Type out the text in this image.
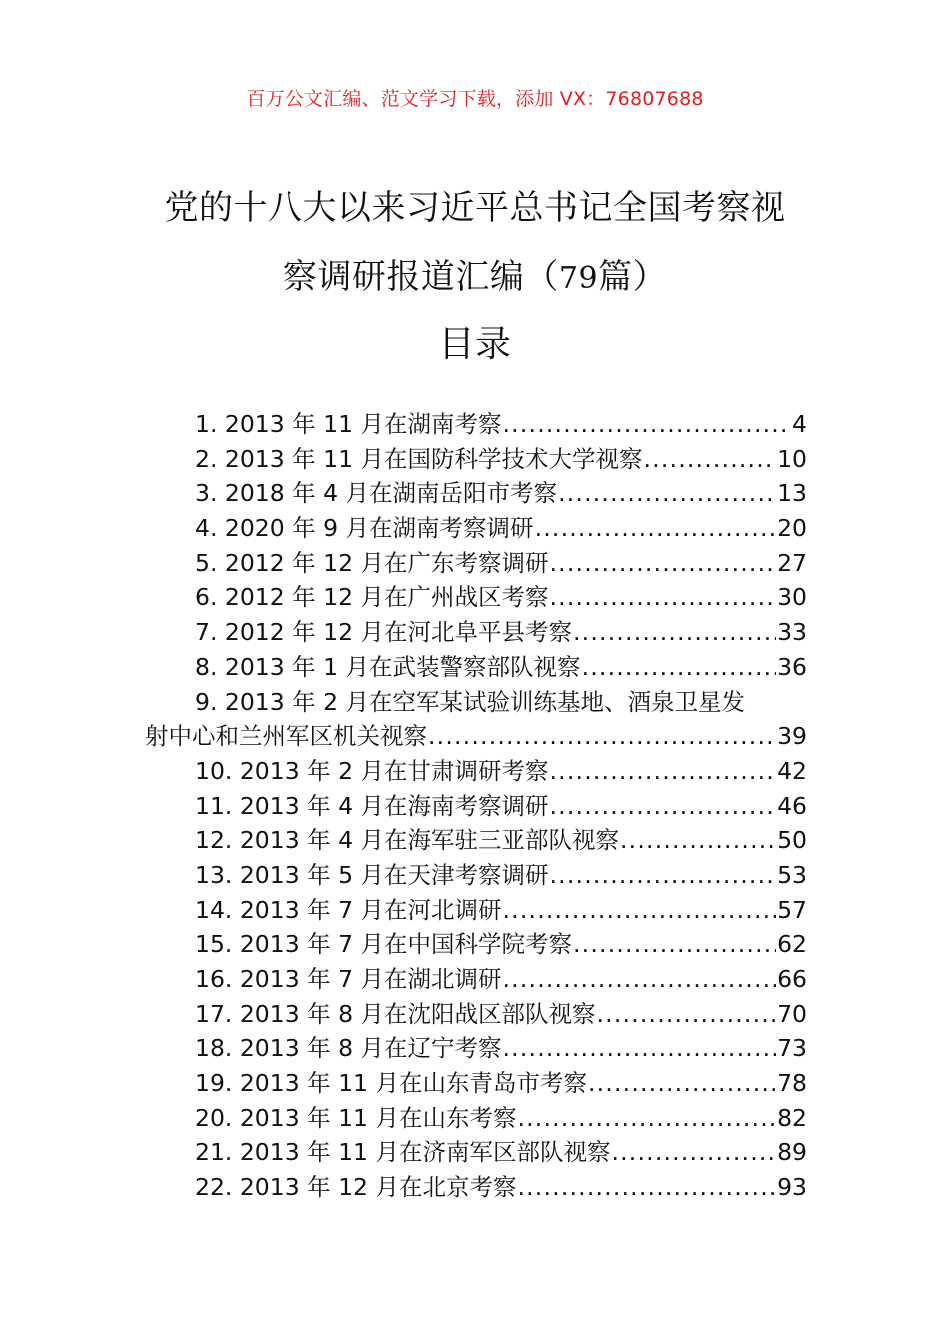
百万公文汇编、范文学习下载，添加 VX：76807688
党的十八大以来习近平总书记全国考察视
察调研报道汇编（79篇）
目录
1. 2013 年 11 月在湖南考察 .....	4
2. 2013 年 11 月在国防科学技术大学视察 .....	10
3. 2018 年 4 月在湖南岳阳市考察 .....	13
4. 2020 年 9 月在湖南考察调研 .....	20
5. 2012 年 12 月在广东考察调研 .....	27
6. 2012 年 12 月在广州战区考察 .....	30
7. 2012 年 12 月在河北阜平县考察 .....	33
8. 2013 年 1 月在武装警察部队视察 .....	36
9. 2013 年 2 月在空军某试验训练基地、酒泉卫星发
射中心和兰州军区机关视察 .....	39
10. 2013 年 2 月在甘肃调研考察 .....	42
11. 2013 年 4 月在海南考察调研 .....	46
12. 2013 年 4 月在海军驻三亚部队视察 .....	50
13. 2013 年 5 月在天津考察调研 .....	53
14. 2013 年 7 月在河北调研 .....	57
15. 2013 年 7 月在中国科学院考察 .....	62
16. 2013 年 7 月在湖北调研 .....	66
17. 2013 年 8 月在沈阳战区部队视察 .....	70
18. 2013 年 8 月在辽宁考察 .....	73
19. 2013 年 11 月在山东青岛市考察 .....	78
20. 2013 年 11 月在山东考察 .....	82
21. 2013 年 11 月在济南军区部队视察 .....	89
22. 2013 年 12 月在北京考察 .....	93
